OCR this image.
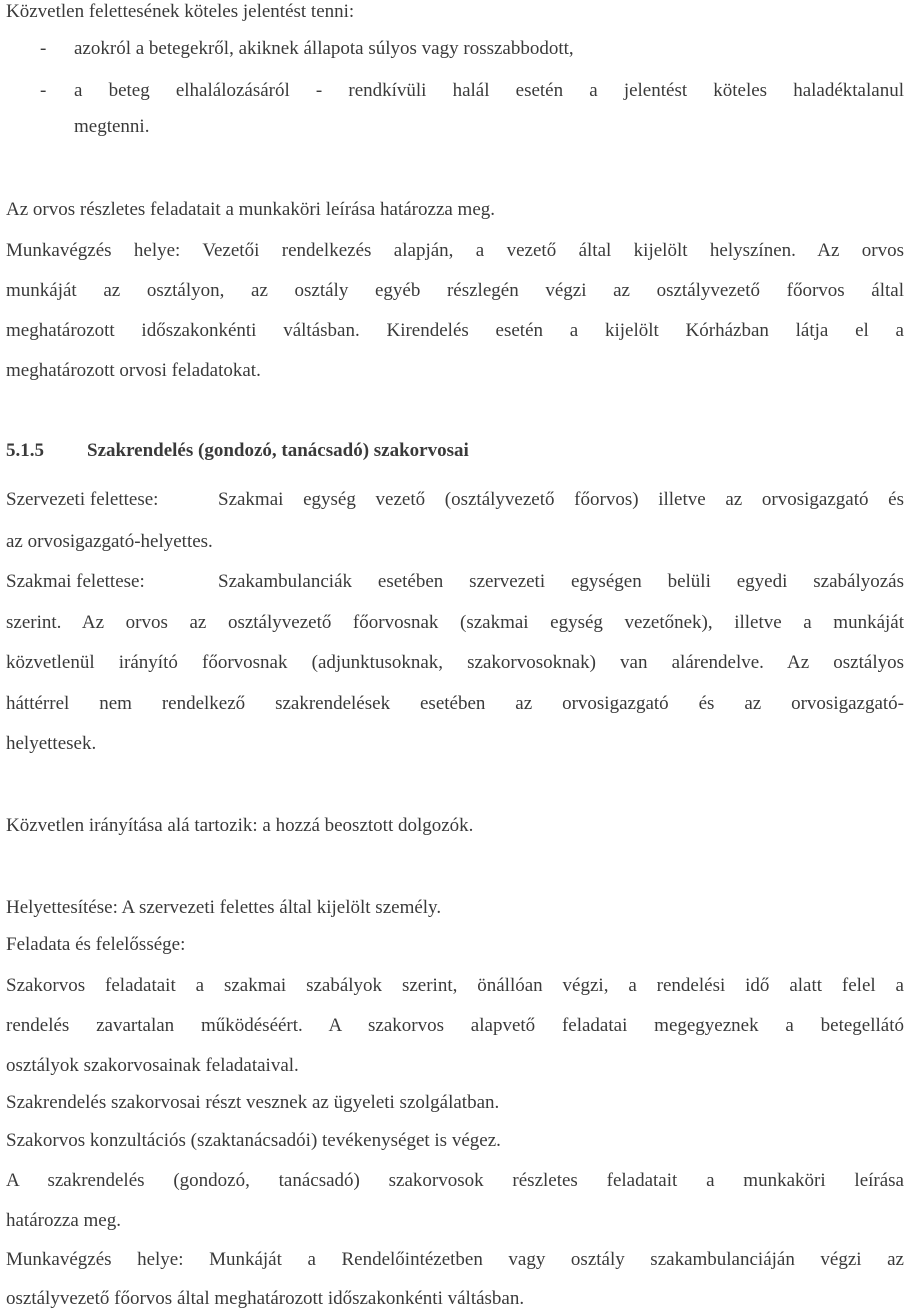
Közvetlen felettesének köteles jelentést tenni:
- azokról a betegekről, akiknek állapota súlyos vagy rosszabbodott,
- a beteg elhalálozásáról - rendkívüli halál esetén a jelentést köteles haladéktalanul
megtenni.
Az orvos részletes feladatait a munkaköri leírása határozza meg.
Munkavégzés helye: Vezetői rendelkezés alapján, a vezető által kijelölt helyszínen. Az orvos
munkáját az osztályon, az osztály egyéb részlegén végzi az osztályvezető főorvos által
meghatározott időszakonkénti váltásban. Kirendelés esetén a kijelölt Kórházban látja el a
meghatározott orvosi feladatokat.
5.1.5 Szakrendelés (gondozó, tanácsadó) szakorvosai
Szervezeti felettese:	Szakmai egység vezető (osztályvezető főorvos) illetve az orvosigazgató és
az orvosigazgató-helyettes.
Szakmai felettese:	Szakambulanciák esetében szervezeti egységen belüli egyedi szabályozás
szerint. Az orvos az osztályvezető főorvosnak (szakmai egység vezetőnek), illetve a munkáját
közvetlenül irányító főorvosnak (adjunktusoknak, szakorvosoknak) van alárendelve. Az osztályos
háttérrel nem rendelkező szakrendelések esetében az orvosigazgató és az orvosigazgató-
helyettesek.
Közvetlen irányítása alá tartozik: a hozzá beosztott dolgozók.
Helyettesítése: A szervezeti felettes által kijelölt személy.
Feladata és felelőssége:
Szakorvos feladatait a szakmai szabályok szerint, önállóan végzi, a rendelési idő alatt felel a
rendelés zavartalan működéséért. A szakorvos alapvető feladatai megegyeznek a betegellátó
osztályok szakorvosainak feladataival.
Szakrendelés szakorvosai részt vesznek az ügyeleti szolgálatban.
Szakorvos konzultációs (szaktanácsadói) tevékenységet is végez.
A szakrendelés (gondozó, tanácsadó) szakorvosok részletes feladatait a munkaköri leírása
határozza meg.
Munkavégzés helye: Munkáját a Rendelőintézetben vagy osztály szakambulanciáján végzi az
osztályvezető főorvos által meghatározott időszakonkénti váltásban.
